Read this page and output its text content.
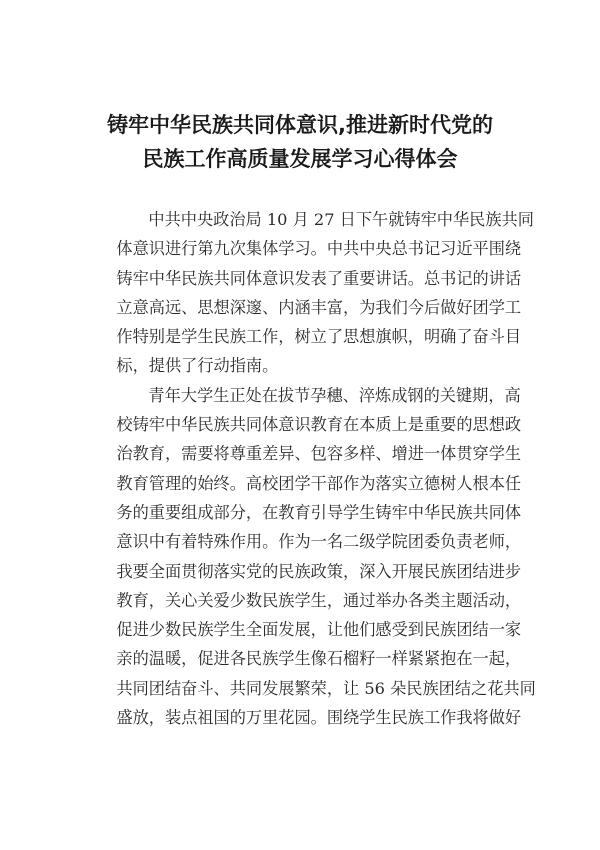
铸牢中华民族共同体意识,推进新时代党的
民族工作高质量发展学习心得体会
中共中央政治局 10 月 27 日下午就铸牢中华民族共同
体意识进行第九次集体学习。中共中央总书记习近平围绕
铸牢中华民族共同体意识发表了重要讲话。总书记的讲话
立意高远、思想深邃、内涵丰富，为我们今后做好团学工
作特别是学生民族工作，树立了思想旗帜，明确了奋斗目
标，提供了行动指南。
青年大学生正处在拔节孕穗、淬炼成钢的关键期，高
校铸牢中华民族共同体意识教育在本质上是重要的思想政
治教育，需要将尊重差异、包容多样、增进一体贯穿学生
教育管理的始终。高校团学干部作为落实立德树人根本任
务的重要组成部分，在教育引导学生铸牢中华民族共同体
意识中有着特殊作用。作为一名二级学院团委负责老师，
我要全面贯彻落实党的民族政策，深入开展民族团结进步
教育，关心关爱少数民族学生，通过举办各类主题活动，
促进少数民族学生全面发展，让他们感受到民族团结一家
亲的温暖，促进各民族学生像石榴籽一样紧紧抱在一起，
共同团结奋斗、共同发展繁荣，让 56 朵民族团结之花共同
盛放，装点祖国的万里花园。围绕学生民族工作我将做好
